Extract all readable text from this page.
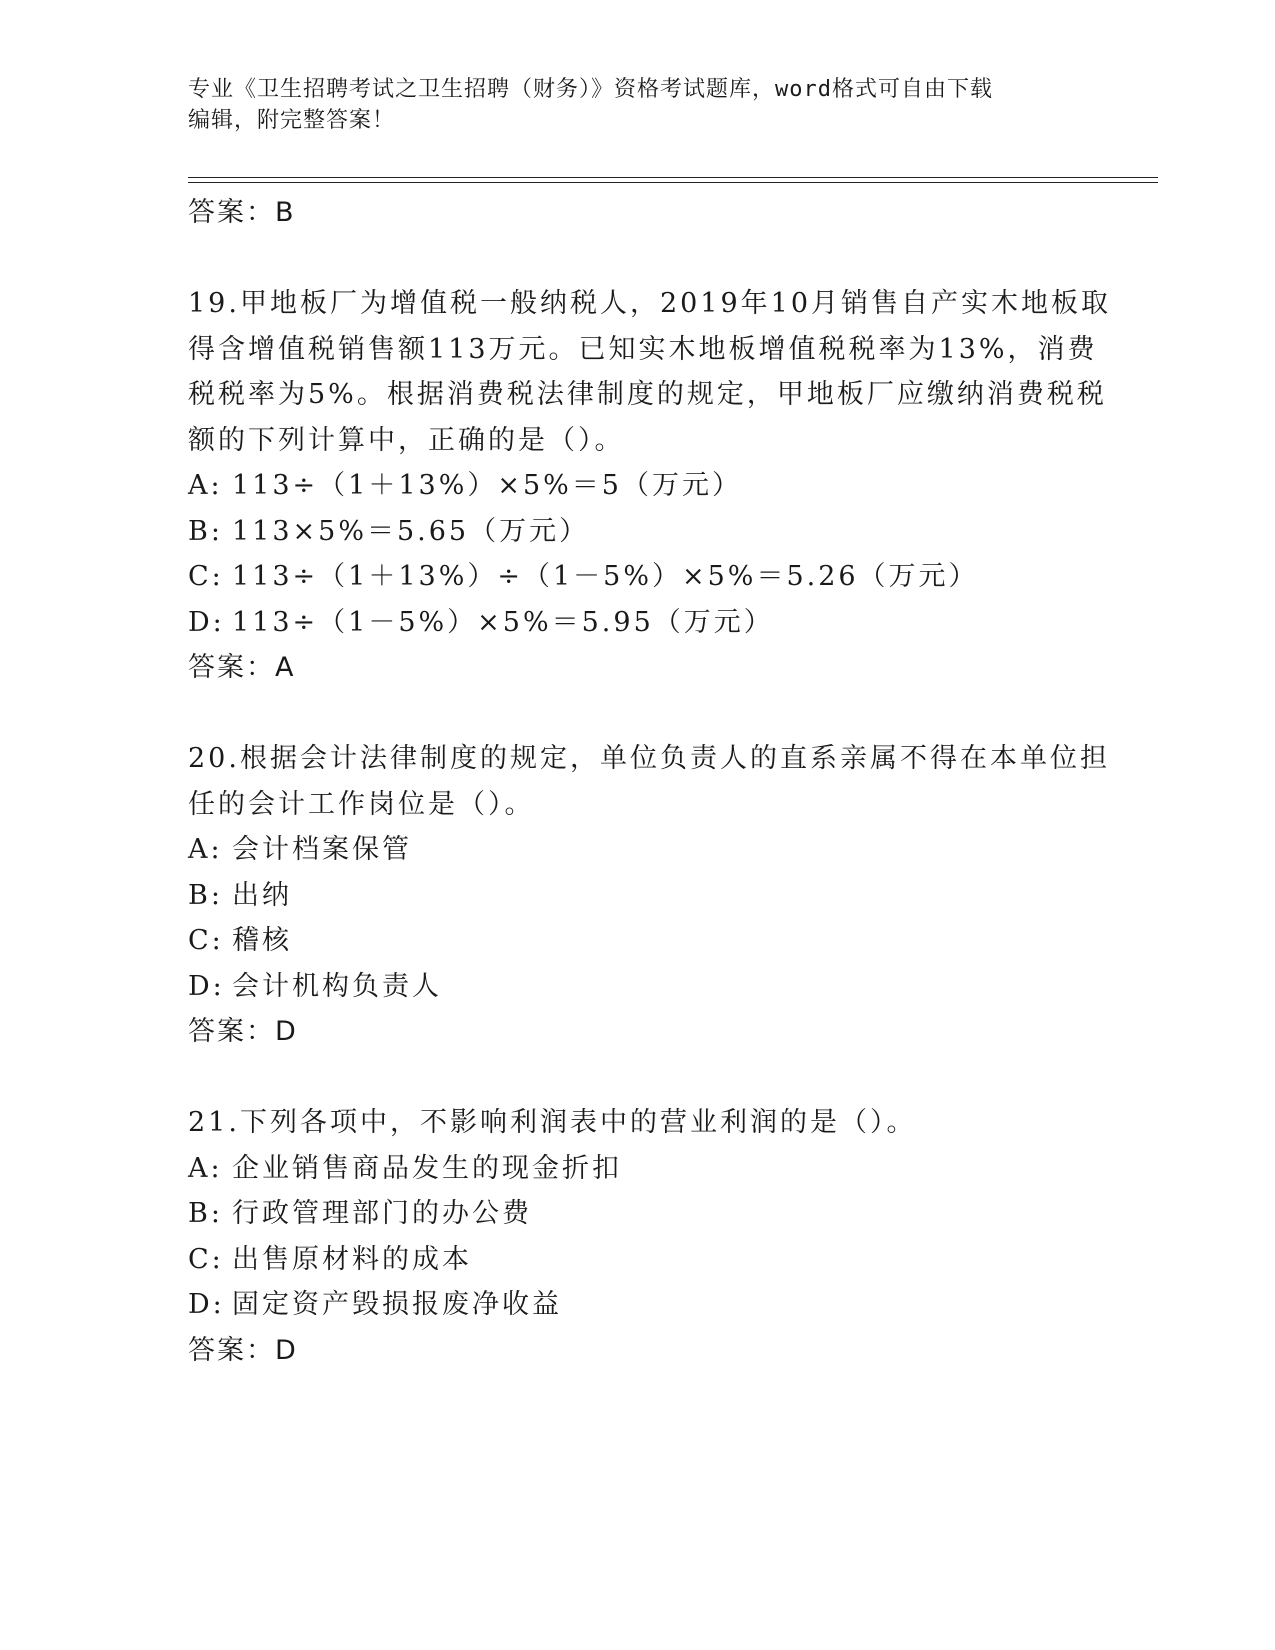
专业《卫生招聘考试之卫生招聘（财务）》资格考试题库，word格式可自由下载
编辑，附完整答案！
答案：B
19.甲地板厂为增值税一般纳税人，2019年10月销售自产实木地板取
得含增值税销售额113万元。已知实木地板增值税税率为13%，消费
税税率为5%。根据消费税法律制度的规定，甲地板厂应缴纳消费税税
额的下列计算中，正确的是（）。
A: 113÷（1＋13%）×5%＝5（万元）
B: 113×5%＝5.65（万元）
C: 113÷（1＋13%）÷（1－5%）×5%＝5.26（万元）
D: 113÷（1－5%）×5%＝5.95（万元）
答案：A
20.根据会计法律制度的规定，单位负责人的直系亲属不得在本单位担
任的会计工作岗位是（）。
A: 会计档案保管
B: 出纳
C: 稽核
D: 会计机构负责人
答案：D
21.下列各项中，不影响利润表中的营业利润的是（）。
A: 企业销售商品发生的现金折扣
B: 行政管理部门的办公费
C: 出售原材料的成本
D: 固定资产毁损报废净收益
答案：D
